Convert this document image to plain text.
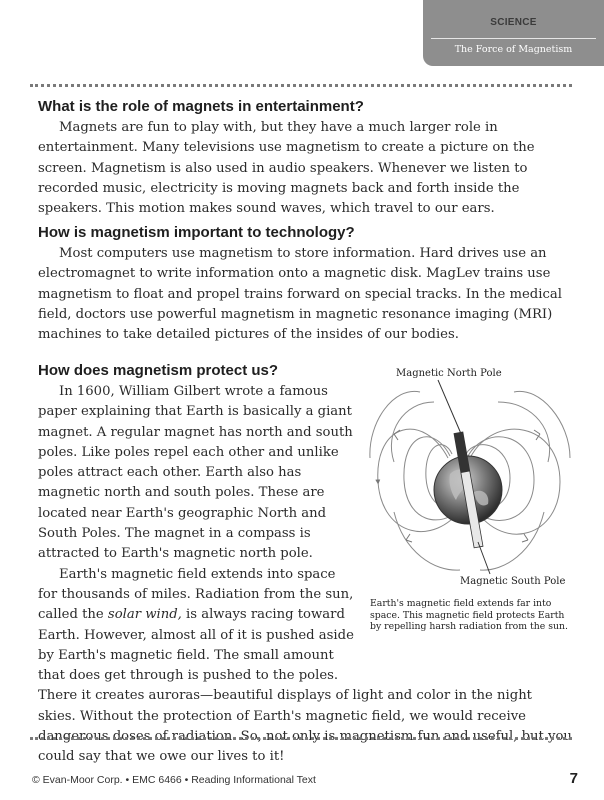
SCIENCE
The Force of Magnetism
What is the role of magnets in entertainment?

Magnets are fun to play with, but they have a much larger role in entertainment. Many televisions use magnetism to create a picture on the screen. Magnetism is also used in audio speakers. Whenever we listen to recorded music, electricity is moving magnets back and forth inside the speakers. This motion makes sound waves, which travel to our ears.

How is magnetism important to technology?

Most computers use magnetism to store information. Hard drives use an electromagnet to write information onto a magnetic disk. MagLev trains use magnetism to float and propel trains forward on special tracks. In the medical field, doctors use powerful magnetism in magnetic resonance imaging (MRI) machines to take detailed pictures of the insides of our bodies.

How does magnetism protect us?

In 1600, William Gilbert wrote a famous paper explaining that Earth is basically a giant magnet. A regular magnet has north and south poles. Like poles repel each other and unlike poles attract each other. Earth also has magnetic north and south poles. These are located near Earth's geographic North and South Poles. The magnet in a compass is attracted to Earth's magnetic north pole.

Earth's magnetic field extends into space for thousands of miles. Radiation from the sun, called the solar wind, is always racing toward Earth. However, almost all of it is pushed aside by Earth's magnetic field. The small amount that does get through is pushed to the poles.

There it creates auroras—beautiful displays of light and color in the night skies. Without the protection of Earth's magnetic field, we would receive dangerous doses of radiation. So, not only is magnetism fun and useful, but you could say that we owe our lives to it!

Magnetic North Pole
Magnetic South Pole
Earth's magnetic field extends far into space. This magnetic field protects Earth by repelling harsh radiation from the sun.
© Evan-Moor Corp. • EMC 6466 • Reading Informational Text	7
